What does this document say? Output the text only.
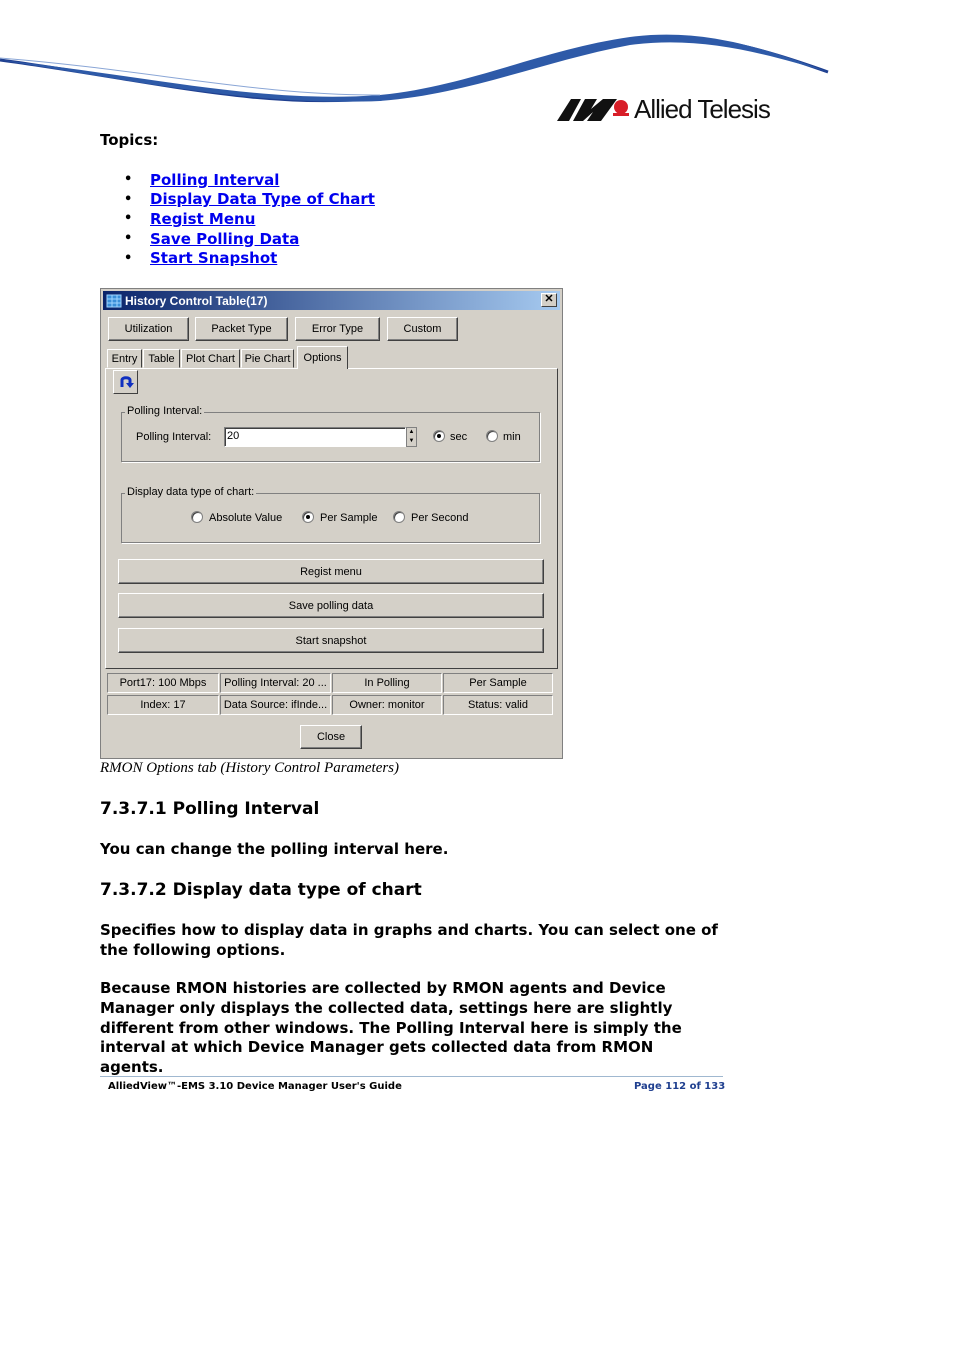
Allied Telesis
Topics:
•	Polling Interval
•	Display Data Type of Chart
•	Regist Menu
•	Save Polling Data
•	Start Snapshot
History Control Table(17)	✕
Utilization	Packet Type	Error Type	Custom
Entry	Table	Plot Chart Pie Chart	Options
Polling Interval:
Polling Interval: 20	▲
▼	sec	min
Display data type of chart:
Absolute Value	Per Sample	Per Second
Regist menu
Save polling data
Start snapshot
Port17: 100 Mbps	Polling Interval: 20 ...	In Polling	Per Sample
Index: 17	Data Source: ifInde...	Owner: monitor	Status: valid
Close
RMON Options tab (History Control Parameters)
7.3.7.1 Polling Interval
You can change the polling interval here.
7.3.7.2 Display data type of chart
Specifies how to display data in graphs and charts. You can select one of the following options.
Because RMON histories are collected by RMON agents and Device Manager only displays the collected data, settings here are slightly different from other windows. The Polling Interval here is simply the interval at which Device Manager gets collected data from RMON agents.
AlliedView™-EMS 3.10 Device Manager User's Guide	Page 112 of 133
